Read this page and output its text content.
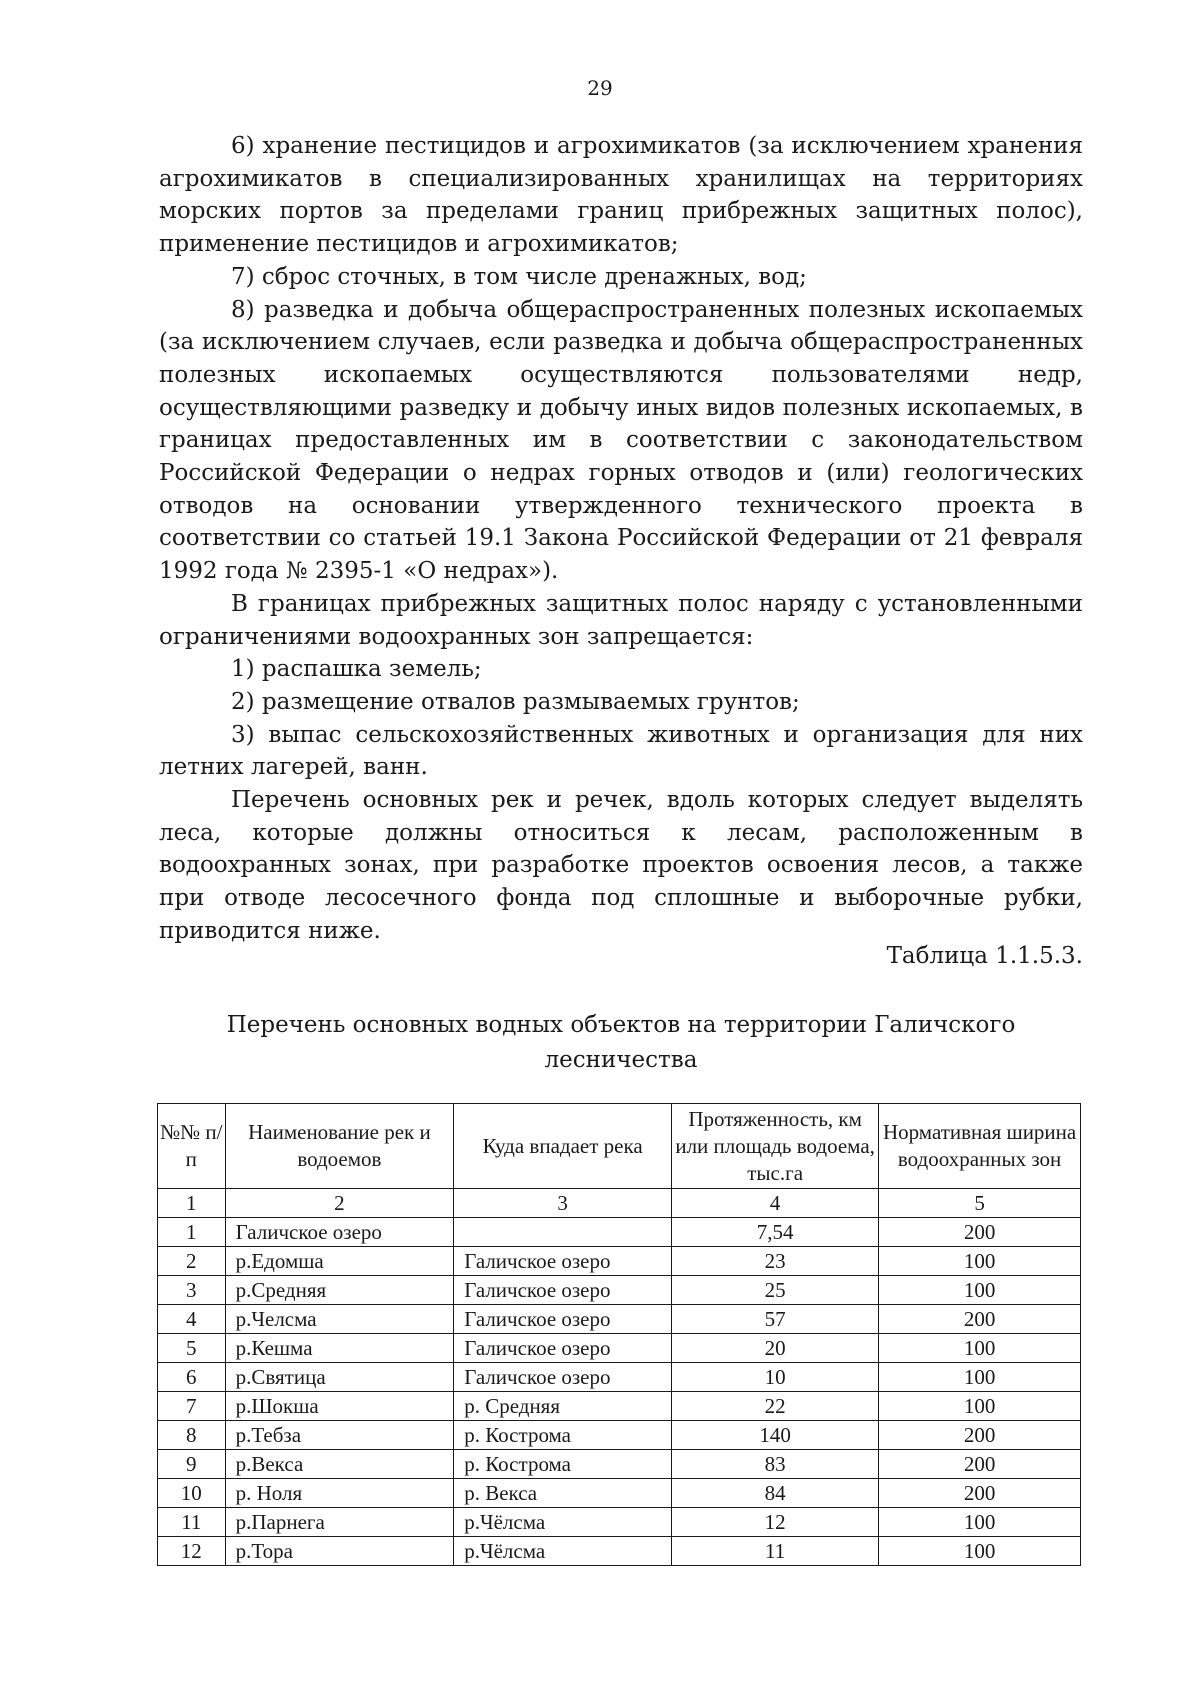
29

6) хранение пестицидов и агрохимикатов (за исключением хранения агрохимикатов в специализированных хранилищах на территориях морских портов за пределами границ прибрежных защитных полос), применение пестицидов и агрохимикатов;

7) сброс сточных, в том числе дренажных, вод;

8) разведка и добыча общераспространенных полезных ископаемых (за исключением случаев, если разведка и добыча общераспространенных полезных ископаемых осуществляются пользователями недр, осуществляющими разведку и добычу иных видов полезных ископаемых, в границах предоставленных им в соответствии с законодательством Российской Федерации о недрах горных отводов и (или) геологических отводов на основании утвержденного технического проекта в соответствии со статьей 19.1 Закона Российской Федерации от 21 февраля 1992 года № 2395-1 «О недрах»).

В границах прибрежных защитных полос наряду с установленными ограничениями водоохранных зон запрещается:

1) распашка земель;

2) размещение отвалов размываемых грунтов;

3) выпас сельскохозяйственных животных и организация для них летних лагерей, ванн.

Перечень основных рек и речек, вдоль которых следует выделять леса, которые должны относиться к лесам, расположенным в водоохранных зонах, при разработке проектов освоения лесов, а также при отводе лесосечного фонда под сплошные и выборочные рубки, приводится ниже.

Таблица 1.1.5.3.
Перечень основных водных объектов на территории Галичского лесничества
№№ п/п	Наименование рек и водоемов	Куда впадает река	Протяженность, км или площадь водоема, тыс.га	Нормативная ширина водоохранных зон
1	2	3	4	5
1	Галичское озеро		7,54	200
2	р.Едомша	Галичское озеро	23	100
3	р.Средняя	Галичское озеро	25	100
4	р.Челсма	Галичское озеро	57	200
5	р.Кешма	Галичское озеро	20	100
6	р.Святица	Галичское озеро	10	100
7	р.Шокша	р. Средняя	22	100
8	р.Тебза	р. Кострома	140	200
9	р.Векса	р. Кострома	83	200
10	р. Ноля	р. Векса	84	200
11	р.Парнега	р.Чёлсма	12	100
12	р.Тора	р.Чёлсма	11	100
